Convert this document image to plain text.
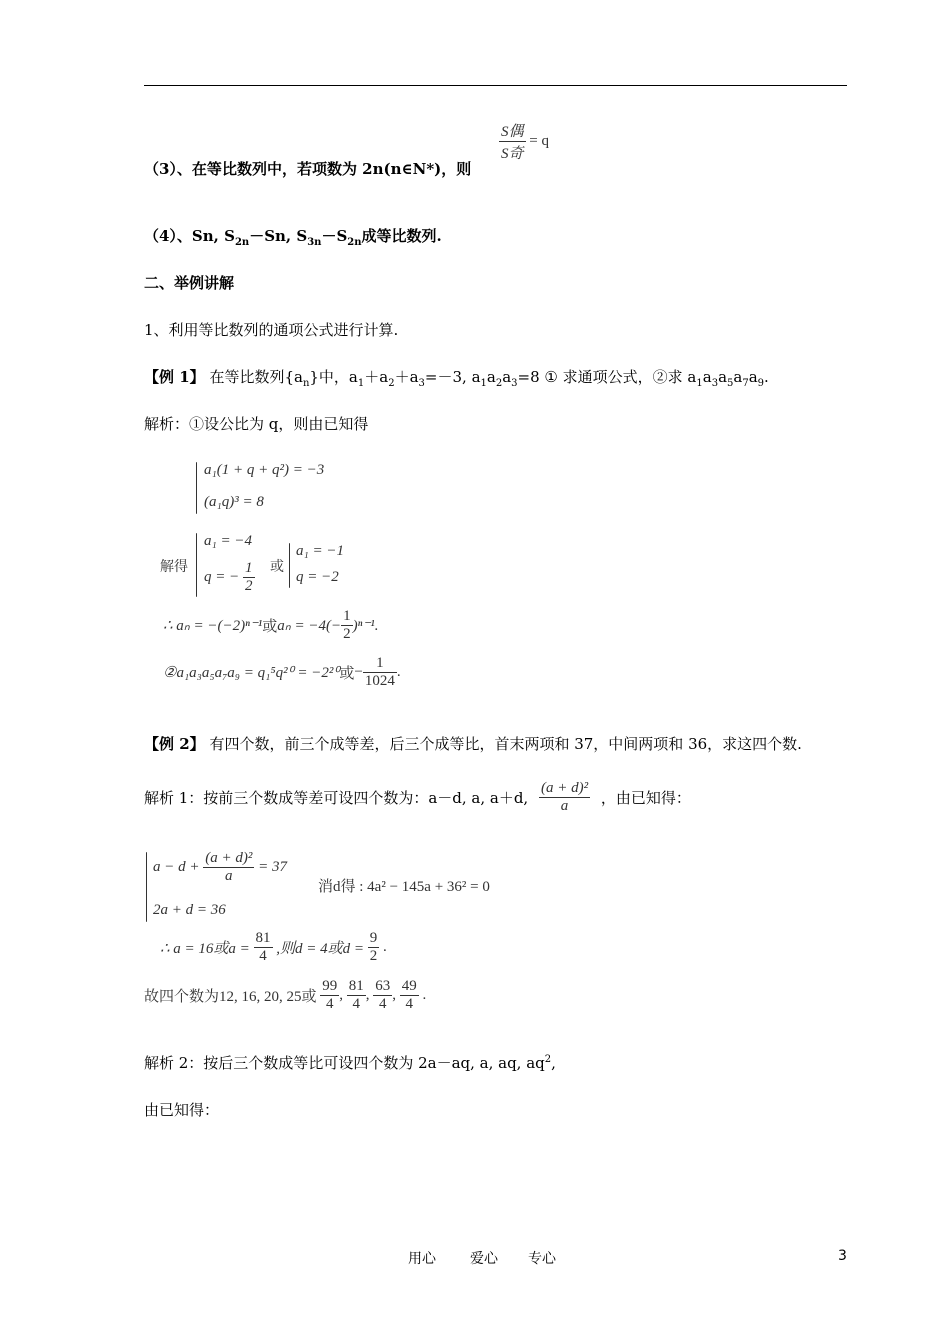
（3）、在等比数列中，若项数为 2n(n∈N*)，则
$\frac{\text{S偶}}{\text{S奇}} = q$
（4）、Sn, $S_{2n}-Sn$, $S_{3n}-S_{2n}$成等比数列.
二、举例讲解
1、利用等比数列的通项公式进行计算.
【例 1】 在等比数列$\{a_n\}$中，$a_1+a_2+a_3=-3$, $a_1a_2a_3=8$ ① 求通项公式，②求 $a_1a_3a_5a_7a_9$.
解析：①设公比为 q，则由已知得
a₁(1 + q + q²) = −3
(a₁q)³ = 8
解得
a₁ = −4
q = − $\frac{1}{2}$ 或
a₁ = −1
q = −2
∴ aₙ = −(−2)ⁿ⁻¹或$a_n = -4(- \frac{1}{2} )^{n-1}$.
②a₁a₃a₅a₇a₉ = q₁⁵q²⁰ = −2²⁰或− $\frac{1}{1024}$ .
【例 2】 有四个数，前三个成等差，后三个成等比，首末两项和 37，中间两项和 36，求这四个数.
解析 1：按前三个数成等差可设四个数为：a－d, a, a＋d, $\frac{\text{(a + d)²}}{a}$ ，由已知得：
$a - d + \frac{\text{(a + d)²}}{a} = 37$
2a + d = 36
消d得 : 4a² − 145a + 36² = 0
∴ a = 16或$a = \frac{81}{4}$ ,则d = 4或$d = \frac{9}{2}$ .
故四个数为12, 16, 20, 25或 $\frac{99}{4}$ , $\frac{81}{4}$ , $\frac{63}{4}$ , $\frac{49}{4}$ .
解析 2：按后三个数成等比可设四个数为 2a－aq, a, aq, $aq^2$,
由已知得：
用心 爱心 专心	3
